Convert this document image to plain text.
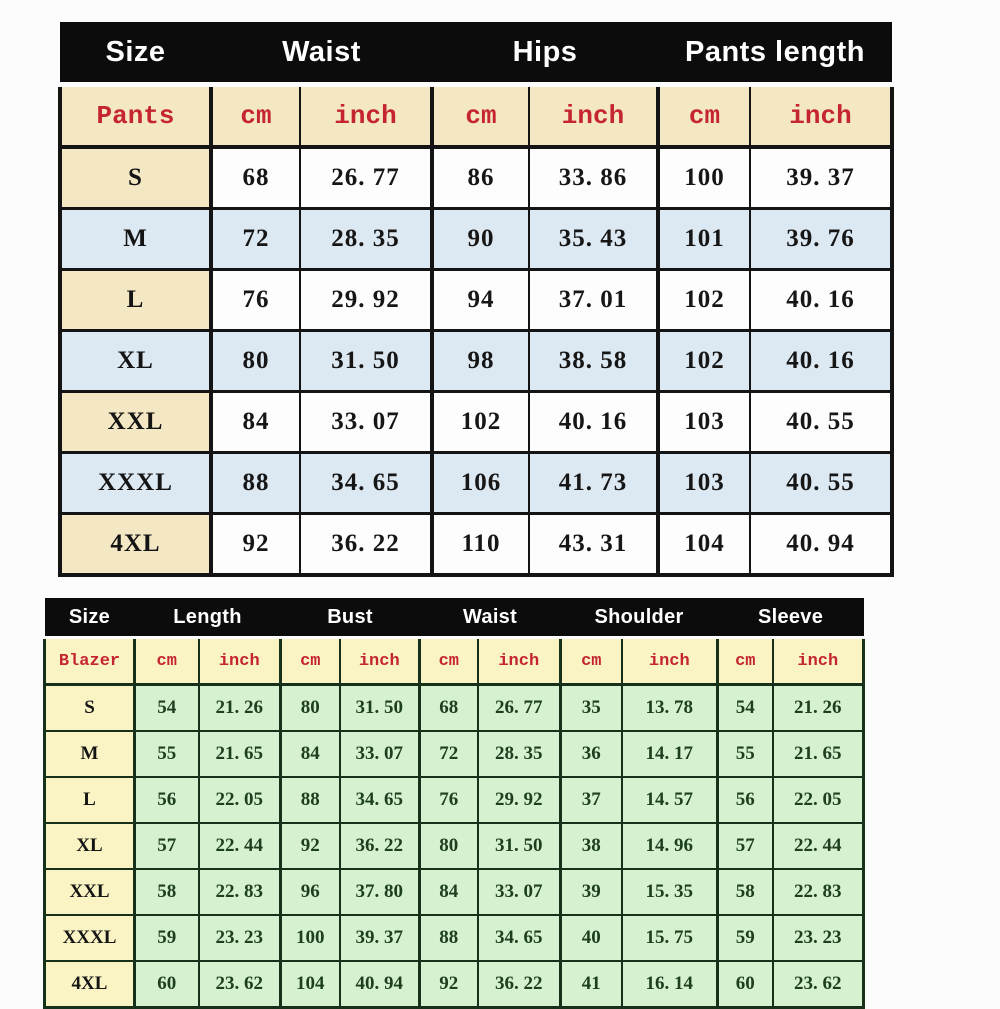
Size	Waist		Hips		Pants length	
Pants	cm	inch	cm	inch	cm	inch
S	68	26. 77	86	33. 86	100	39. 37
M	72	28. 35	90	35. 43	101	39. 76
L	76	29. 92	94	37. 01	102	40. 16
XL	80	31. 50	98	38. 58	102	40. 16
XXL	84	33. 07	102	40. 16	103	40. 55
XXXL	88	34. 65	106	41. 73	103	40. 55
4XL	92	36. 22	110	43. 31	104	40. 94
Size	Length		Bust		Waist		Shoulder		Sleeve	
Blazer	cm	inch	cm	inch	cm	inch	cm	inch	cm	inch
S	54	21. 26	80	31. 50	68	26. 77	35	13. 78	54	21. 26
M	55	21. 65	84	33. 07	72	28. 35	36	14. 17	55	21. 65
L	56	22. 05	88	34. 65	76	29. 92	37	14. 57	56	22. 05
XL	57	22. 44	92	36. 22	80	31. 50	38	14. 96	57	22. 44
XXL	58	22. 83	96	37. 80	84	33. 07	39	15. 35	58	22. 83
XXXL	59	23. 23	100	39. 37	88	34. 65	40	15. 75	59	23. 23
4XL	60	23. 62	104	40. 94	92	36. 22	41	16. 14	60	23. 62
